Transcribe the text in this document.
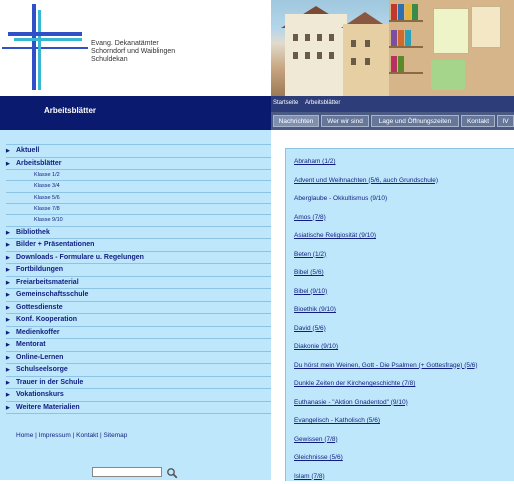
Evang. Dekanatämter
Schorndorf und Waiblingen
Schuldekan
Arbeitsblätter
Startseite Arbeitsblätter
Nachrichten	Wer wir sind	Lage und Öffnungszeiten	Kontakt	IV
▶ Aktuell
▶ Arbeitsblätter
Klasse 1/2
Klasse 3/4
Klasse 5/6
Klasse 7/8
Klasse 9/10
▶ Bibliothek
▶ Bilder + Präsentationen
▶ Downloads - Formulare u. Regelungen
▶ Fortbildungen
▶ Freiarbeitsmaterial
▶ Gemeinschaftsschule
▶ Gottesdienste
▶ Konf. Kooperation
▶ Medienkoffer
▶ Mentorat
▶ Online-Lernen
▶ Schulseelsorge
▶ Trauer in der Schule
▶ Vokationskurs
▶ Weitere Materialien
Home | Impressum | Kontakt | Sitemap
Abraham (1/2)
Advent und Weihnachten (5/6, auch Grundschule)
Aberglaube - Okkultismus (9/10)
Amos (7/8)
Asiatische Religiosität (9/10)
Beten (1/2)
Bibel (5/6)
Bibel (9/10)
Bioethik (9/10)
David (5/6)
Diakonie (9/10)
Du hörst mein Weinen, Gott - Die Psalmen (+ Gottesfrage) (5/6)
Dunkle Zeiten der Kirchengeschichte (7/8)
Euthanasie - "Aktion Gnadentod" (9/10)
Evangelisch - Katholisch (5/6)
Gewissen (7/8)
Gleichnisse (5/6)
Islam (7/8)
